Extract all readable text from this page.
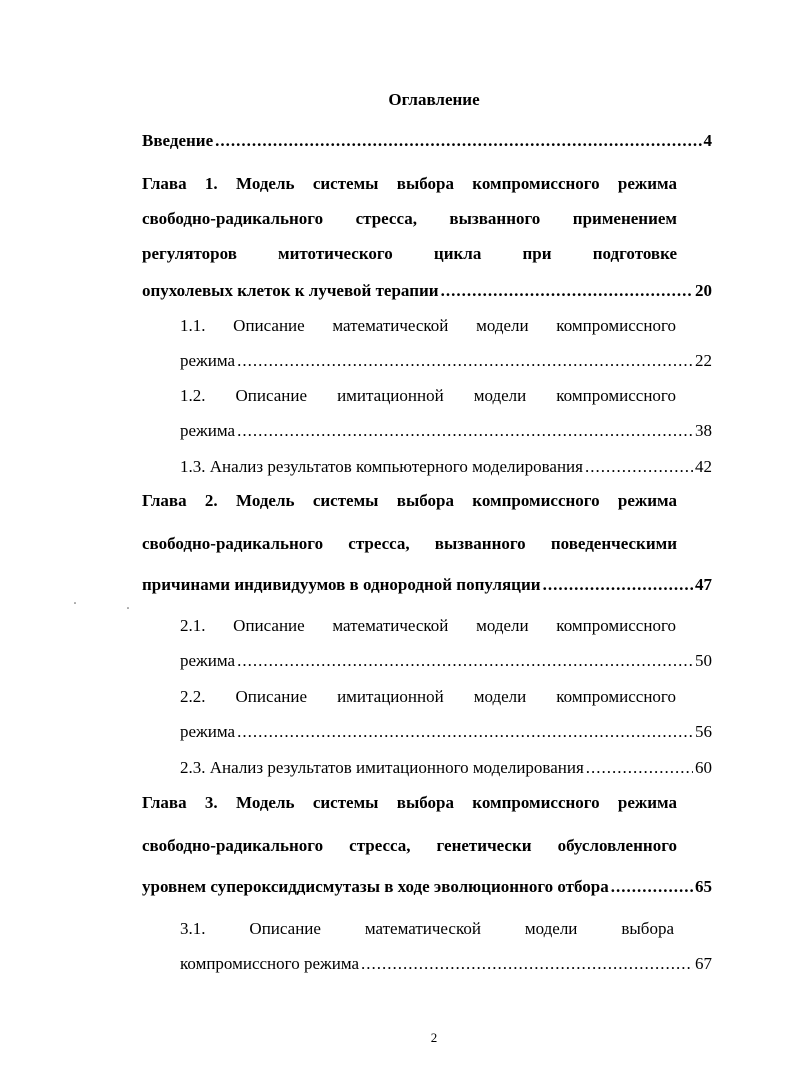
Оглавление
Введение .....	4
Глава 1. Модель системы выбора компромиссного режима
свободно-радикального стресса, вызванного применением
регуляторов митотического цикла при подготовке
опухолевых клеток к лучевой терапии .....	20
1.1. Описание математической модели компромиссного
режима .....	22
1.2. Описание имитационной модели компромиссного
режима .....	38
1.3. Анализ результатов компьютерного моделирования .....	42
Глава 2. Модель системы выбора компромиссного режима
свободно-радикального стресса, вызванного поведенческими
причинами индивидуумов в однородной популяции .....	47
2.1. Описание математической модели компромиссного
режима .....	50
2.2. Описание имитационной модели компромиссного
режима .....	56
2.3. Анализ результатов имитационного моделирования .....	60
Глава 3. Модель системы выбора компромиссного режима
свободно-радикального стресса, генетически обусловленного
уровнем супероксиддисмутазы в ходе эволюционного отбора .....	65
3.1. Описание математической модели выбора
компромиссного режима .....	67
2
